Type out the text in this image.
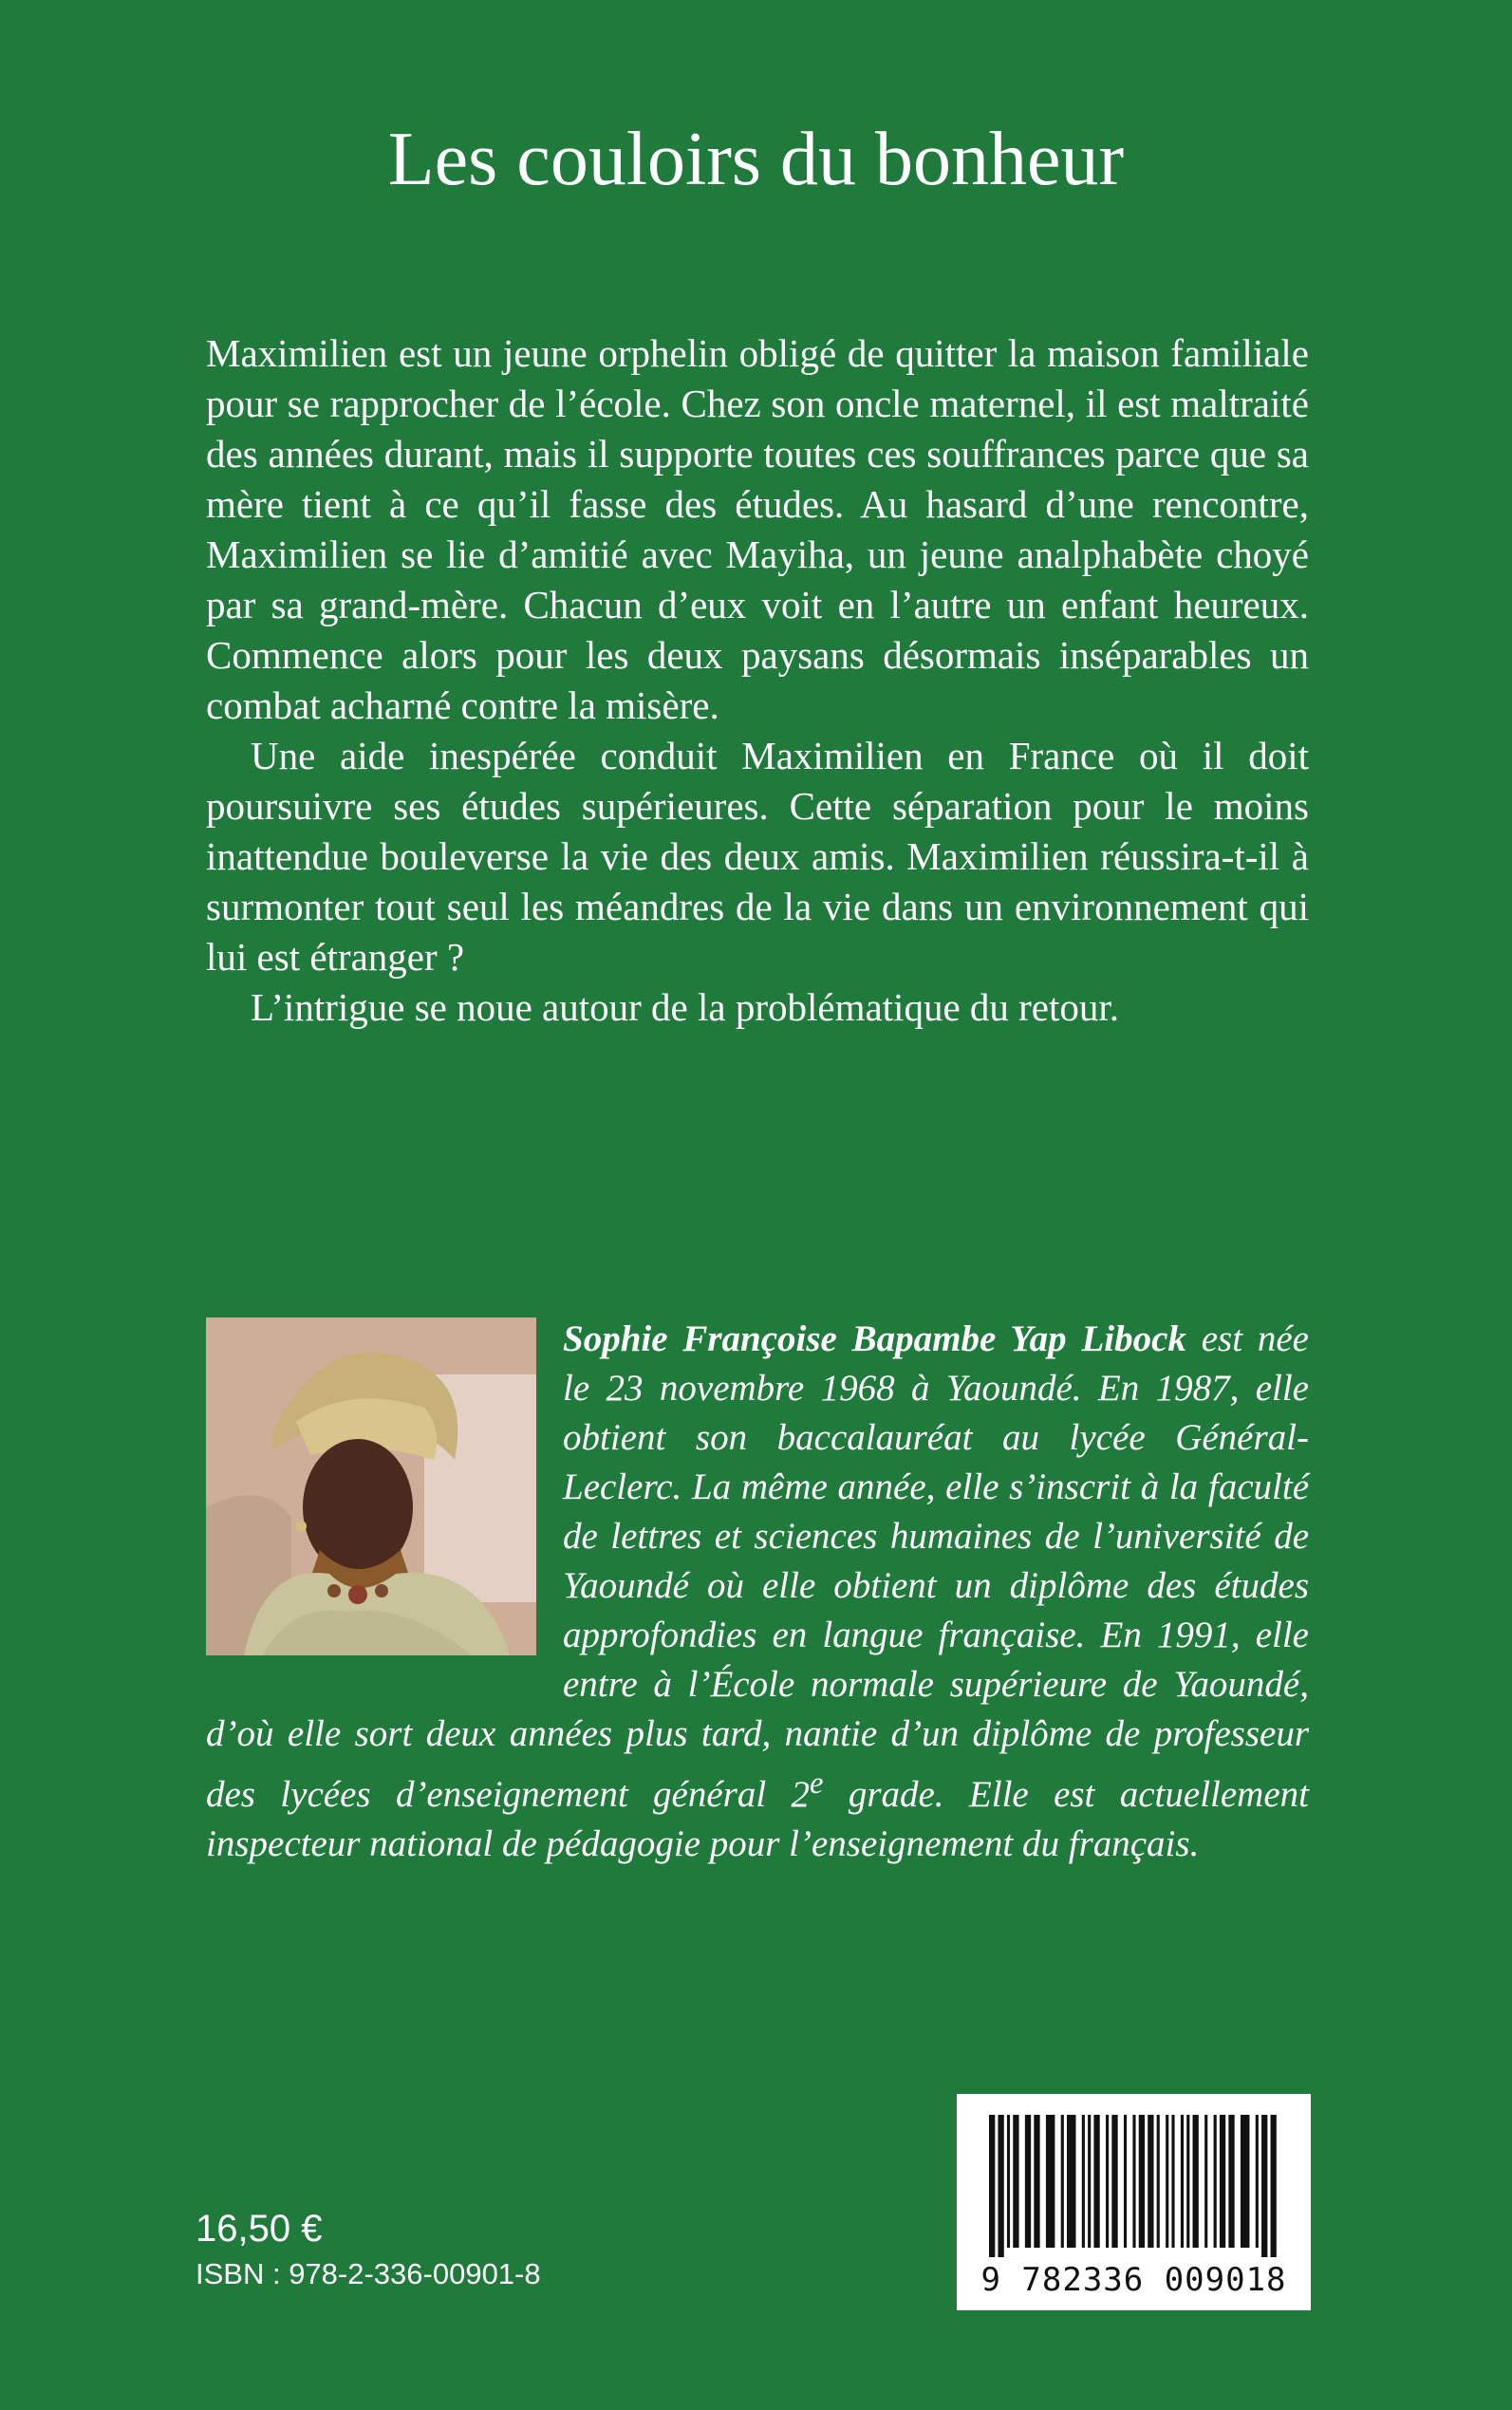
Les couloirs du bonheur

Maximilien est un jeune orphelin obligé de quitter la maison familiale pour se rapprocher de l’école. Chez son oncle maternel, il est maltraité des années durant, mais il supporte toutes ces souffrances parce que sa mère tient à ce qu’il fasse des études. Au hasard d’une rencontre, Maximilien se lie d’amitié avec Mayiha, un jeune analphabète choyé par sa grand-mère. Chacun d’eux voit en l’autre un enfant heureux. Commence alors pour les deux paysans désormais inséparables un combat acharné contre la misère.

Une aide inespérée conduit Maximilien en France où il doit poursuivre ses études supérieures. Cette séparation pour le moins inattendue bouleverse la vie des deux amis. Maximilien réussira-t-il à surmonter tout seul les méandres de la vie dans un environnement qui lui est étranger ?

L’intrigue se noue autour de la problématique du retour.

Sophie Françoise Bapambe Yap Libock est née le 23 novembre 1968 à Yaoundé. En 1987, elle obtient son baccalauréat au lycée Général-Leclerc. La même année, elle s’inscrit à la faculté de lettres et sciences humaines de l’université de Yaoundé où elle obtient un diplôme des études approfondies en langue française. En 1991, elle entre à l’École normale supérieure de Yaoundé, d’où elle sort deux années plus tard, nantie d’un diplôme de professeur des lycées d’enseignement général 2e grade. Elle est actuellement inspecteur national de pédagogie pour l’enseignement du français.
16,50 €
ISBN : 978-2-336-00901-8	9 782336 009018
